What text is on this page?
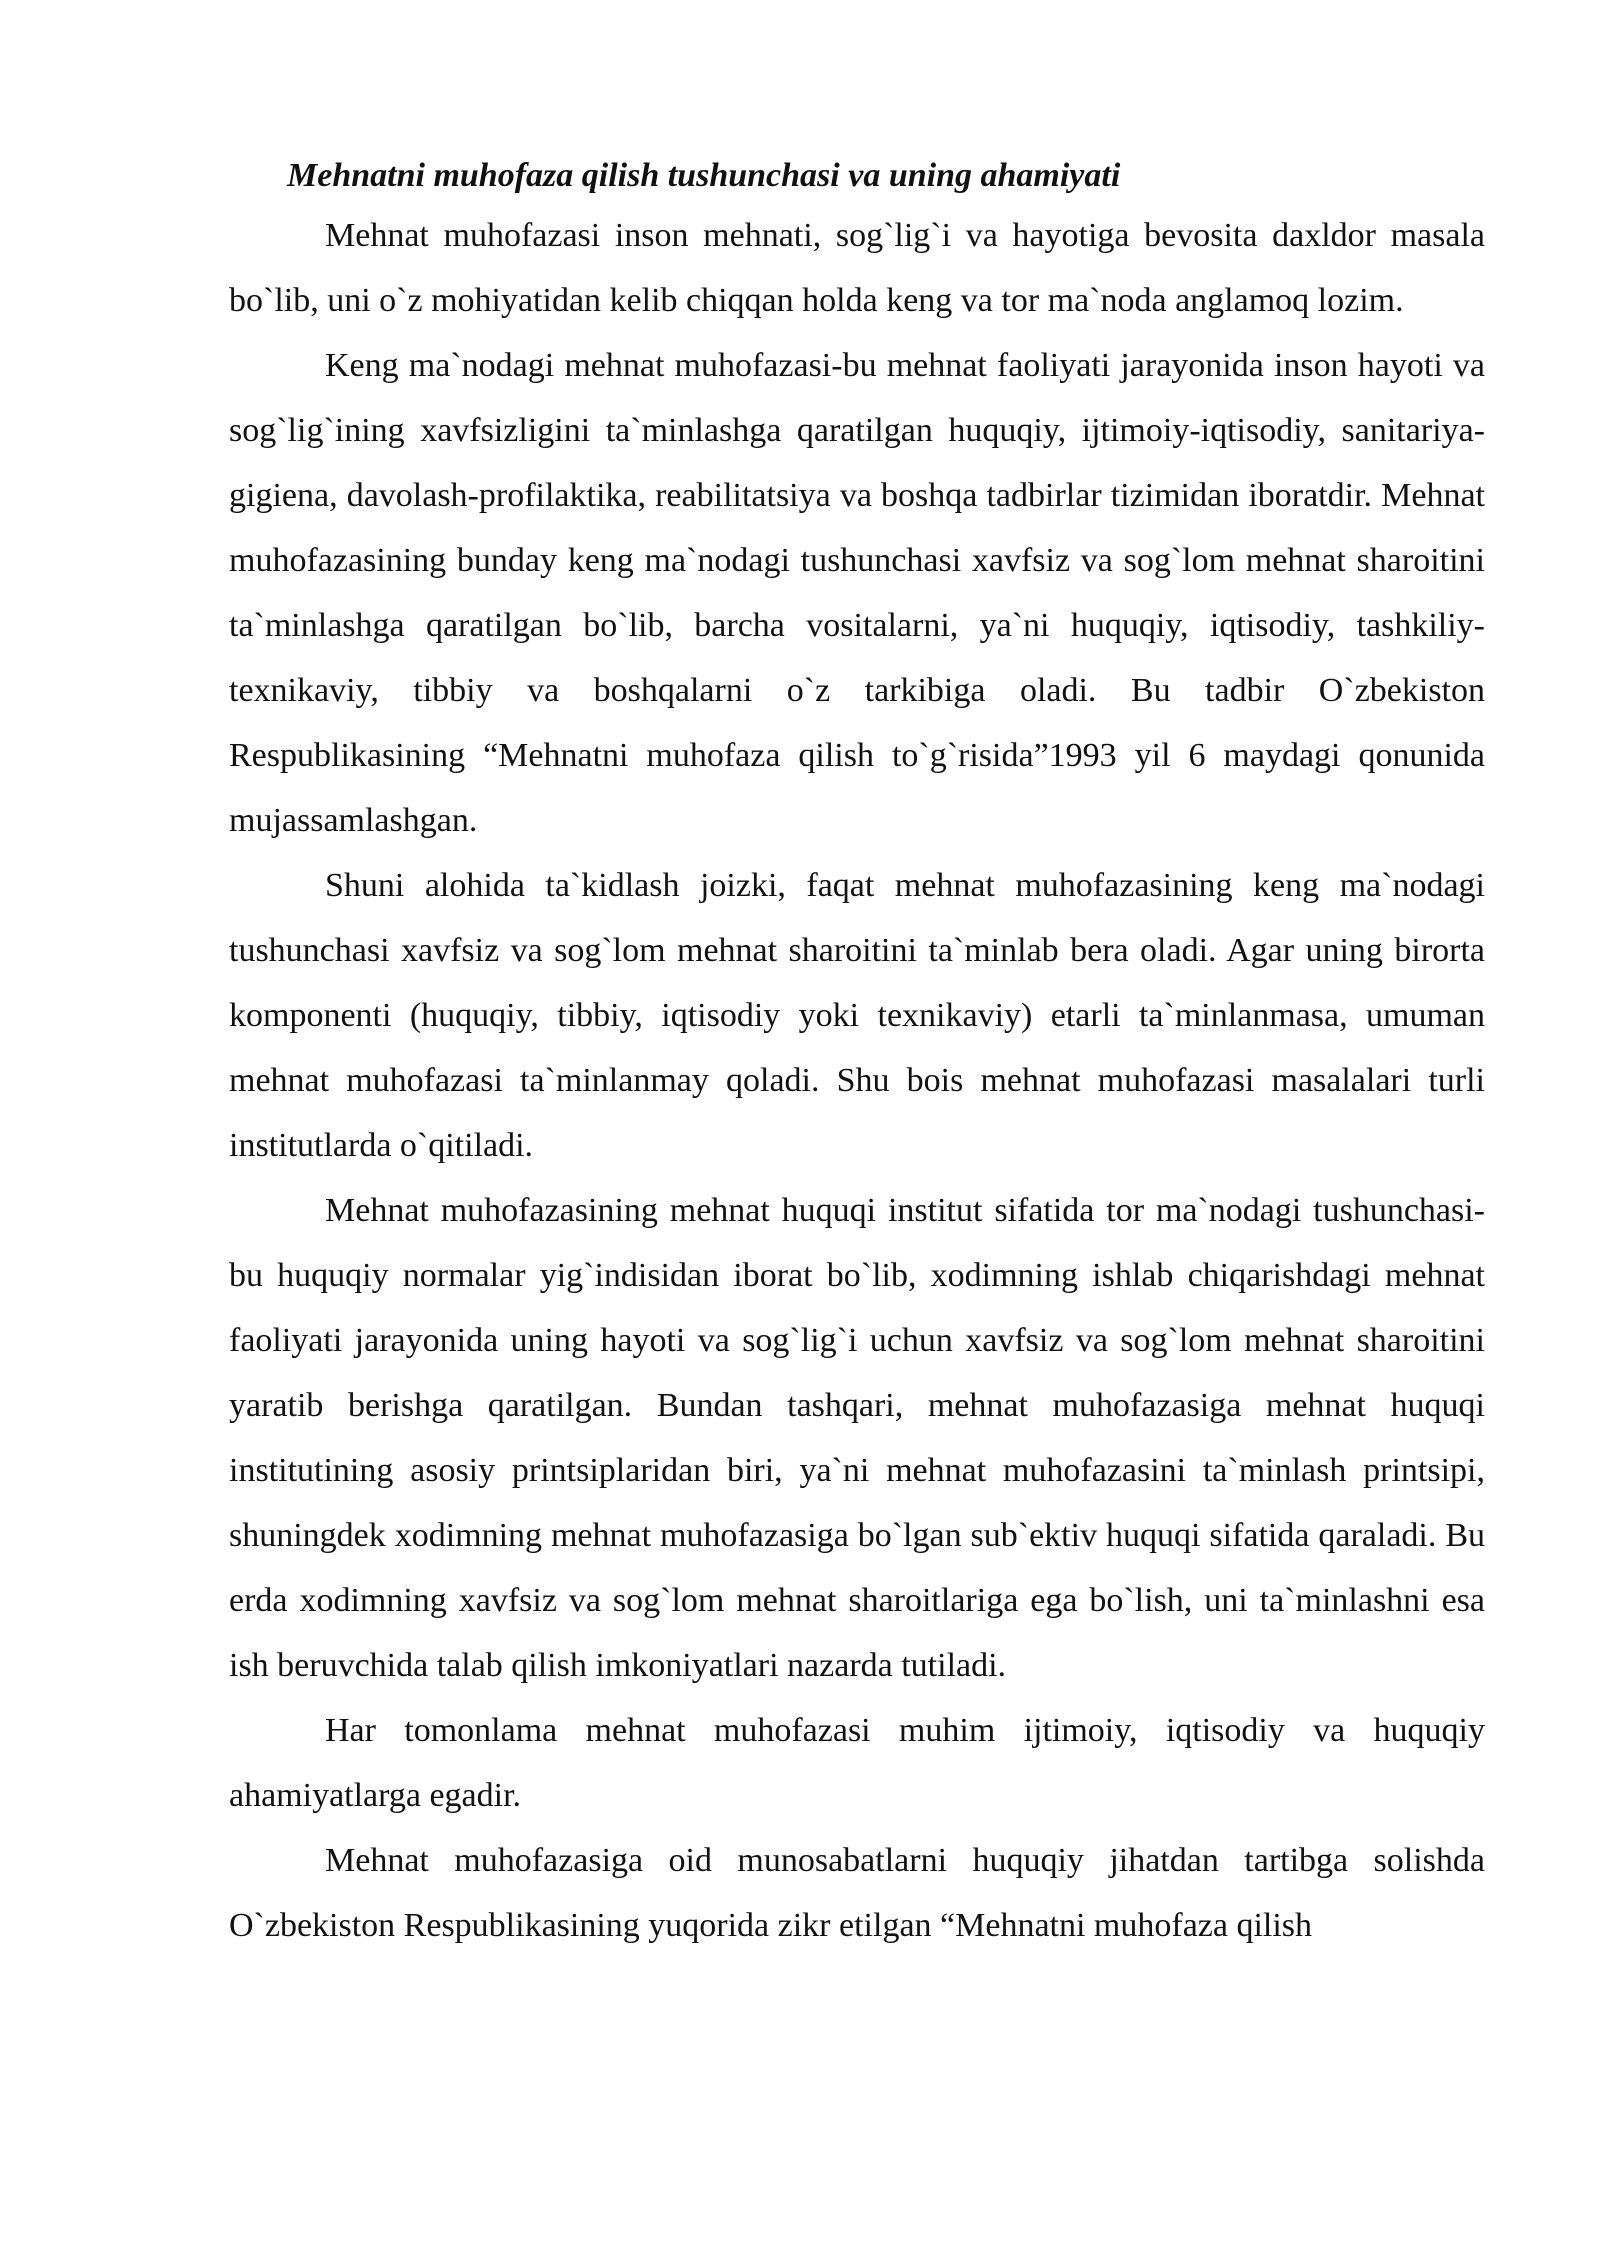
Mehnatni muhofaza qilish tushunchasi va uning ahamiyati

Mehnat muhofazasi inson mehnati, sog`lig`i va hayotiga bevosita daxldor masala bo`lib, uni o`z mohiyatidan kelib chiqqan holda keng va tor ma`noda anglamoq lozim.

Keng ma`nodagi mehnat muhofazasi-bu mehnat faoliyati jarayonida inson hayoti va sog`lig`ining xavfsizligini ta`minlashga qaratilgan huquqiy, ijtimoiy-iqtisodiy, sanitariya-gigiena, davolash-profilaktika, reabilitatsiya va boshqa tadbirlar tizimidan iboratdir. Mehnat muhofazasining bunday keng ma`nodagi tushunchasi xavfsiz va sog`lom mehnat sharoitini ta`minlashga qaratilgan bo`lib, barcha vositalarni, ya`ni huquqiy, iqtisodiy, tashkiliy-texnikaviy, tibbiy va boshqalarni o`z tarkibiga oladi. Bu tadbir O`zbekiston Respublikasining “Mehnatni muhofaza qilish to`g`risida”1993 yil 6 maydagi qonunida mujassamlashgan.

Shuni alohida ta`kidlash joizki, faqat mehnat muhofazasining keng ma`nodagi tushunchasi xavfsiz va sog`lom mehnat sharoitini ta`minlab bera oladi. Agar uning birorta komponenti (huquqiy, tibbiy, iqtisodiy yoki texnikaviy) etarli ta`minlanmasa, umuman mehnat muhofazasi ta`minlanmay qoladi. Shu bois mehnat muhofazasi masalalari turli institutlarda o`qitiladi.

Mehnat muhofazasining mehnat huquqi institut sifatida tor ma`nodagi tushunchasi-bu huquqiy normalar yig`indisidan iborat bo`lib, xodimning ishlab chiqarishdagi mehnat faoliyati jarayonida uning hayoti va sog`lig`i uchun xavfsiz va sog`lom mehnat sharoitini yaratib berishga qaratilgan. Bundan tashqari, mehnat muhofazasiga mehnat huquqi institutining asosiy printsiplaridan biri, ya`ni mehnat muhofazasini ta`minlash printsipi, shuningdek xodimning mehnat muhofazasiga bo`lgan sub`ektiv huquqi sifatida qaraladi. Bu erda xodimning xavfsiz va sog`lom mehnat sharoitlariga ega bo`lish, uni ta`minlashni esa ish beruvchida talab qilish imkoniyatlari nazarda tutiladi.

Har tomonlama mehnat muhofazasi muhim ijtimoiy, iqtisodiy va huquqiy ahamiyatlarga egadir.

Mehnat muhofazasiga oid munosabatlarni huquqiy jihatdan tartibga solishda O`zbekiston Respublikasining yuqorida zikr etilgan “Mehnatni muhofaza qilish
